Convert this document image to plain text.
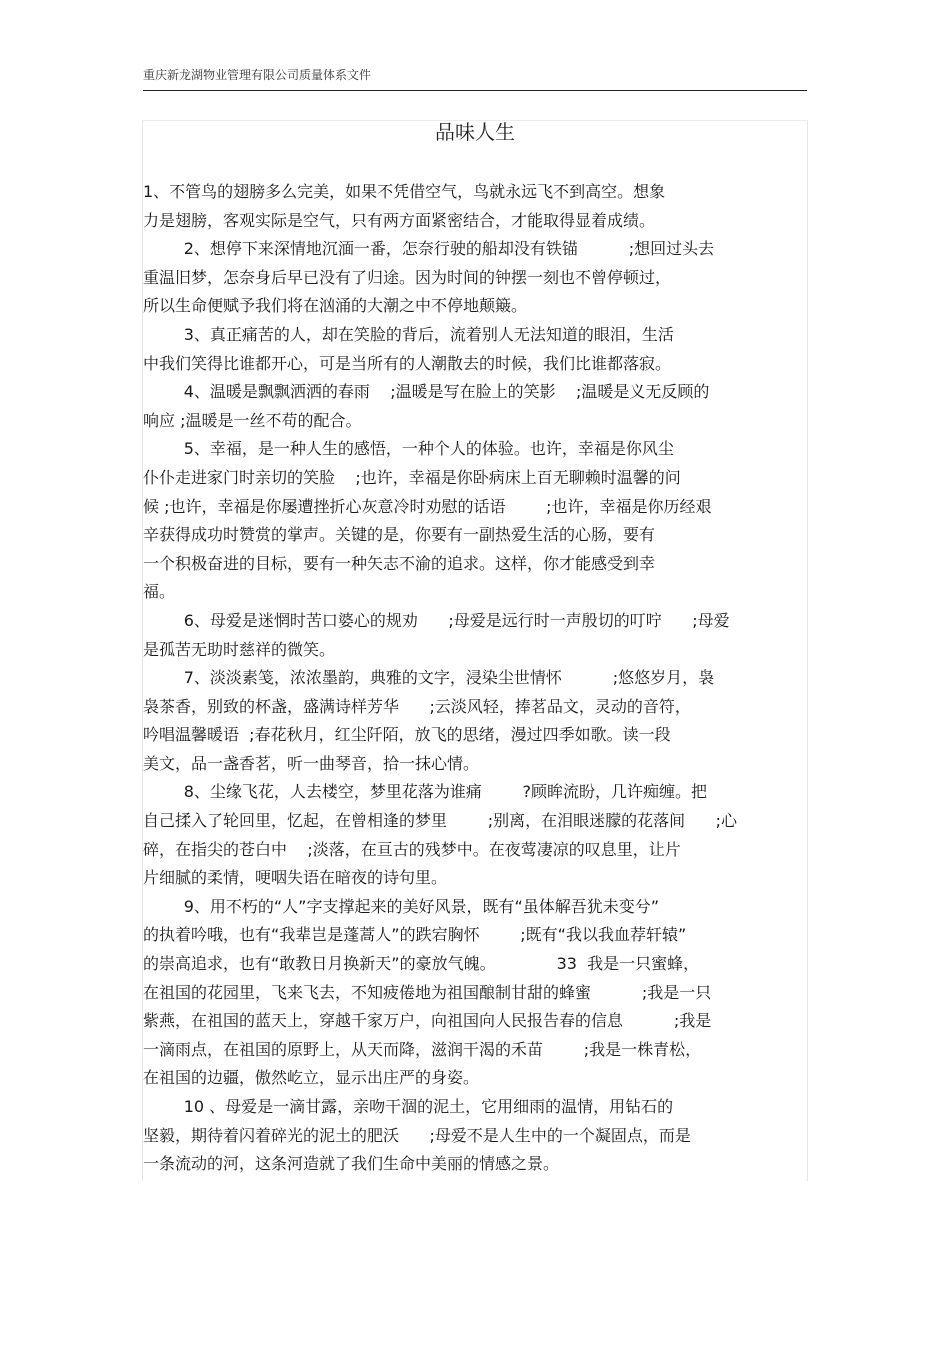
重庆新龙湖物业管理有限公司质量体系文件
品味人生
1、不管鸟的翅膀多么完美，如果不凭借空气，鸟就永远飞不到高空。想象
力是翅膀，客观实际是空气，只有两方面紧密结合，才能取得显着成绩。
2、想停下来深情地沉湎一番，怎奈行驶的船却没有铁锚          ;想回过头去
重温旧梦，怎奈身后早已没有了归途。因为时间的钟摆一刻也不曾停顿过，
所以生命便赋予我们将在汹涌的大潮之中不停地颠簸。
3、真正痛苦的人，却在笑脸的背后，流着别人无法知道的眼泪，生活
中我们笑得比谁都开心，可是当所有的人潮散去的时候，我们比谁都落寂。
4、温暖是飘飘洒洒的春雨    ;温暖是写在脸上的笑影    ;温暖是义无反顾的
响应 ;温暖是一丝不苟的配合。
5、幸福，是一种人生的感悟，一种个人的体验。也许，幸福是你风尘
仆仆走进家门时亲切的笑脸    ;也许，幸福是你卧病床上百无聊赖时温馨的问
候 ;也许，幸福是你屡遭挫折心灰意冷时劝慰的话语        ;也许，幸福是你历经艰
辛获得成功时赞赏的掌声。关键的是，你要有一副热爱生活的心肠，要有
一个积极奋进的目标，要有一种矢志不渝的追求。这样，你才能感受到幸
福。
6、母爱是迷惘时苦口婆心的规劝      ;母爱是远行时一声殷切的叮咛      ;母爱
是孤苦无助时慈祥的微笑。
7、淡淡素笺，浓浓墨韵，典雅的文字，浸染尘世情怀          ;悠悠岁月，袅
袅茶香，别致的杯盏，盛满诗样芳华      ;云淡风轻，捧茗品文，灵动的音符，
吟唱温馨暖语  ;春花秋月，红尘阡陌，放飞的思绪，漫过四季如歌。读一段
美文，品一盏香茗，听一曲琴音，拾一抹心情。
8、尘缘飞花，人去楼空，梦里花落为谁痛        ?顾眸流盼，几许痴缠。把
自己揉入了轮回里，忆起，在曾相逢的梦里        ;别离，在泪眼迷朦的花落间      ;心
碎，在指尖的苍白中    ;淡落，在亘古的残梦中。在夜莺凄凉的叹息里，让片
片细腻的柔情，哽咽失语在暗夜的诗句里。
9、用不朽的“人”字支撑起来的美好风景，既有“虽体解吾犹未变兮”
的执着吟哦，也有“我辈岂是蓬蒿人”的跌宕胸怀        ;既有“我以我血荐轩辕”
的崇高追求，也有“敢教日月换新天”的豪放气魄。            33  我是一只蜜蜂，
在祖国的花园里，飞来飞去，不知疲倦地为祖国酿制甘甜的蜂蜜          ;我是一只
紫燕，在祖国的蓝天上，穿越千家万户，向祖国向人民报告春的信息          ;我是
一滴雨点，在祖国的原野上，从天而降，滋润干渴的禾苗        ;我是一株青松，
在祖国的边疆，傲然屹立，显示出庄严的身姿。
10 、母爱是一滴甘露，亲吻干涸的泥土，它用细雨的温情，用钻石的
坚毅，期待着闪着碎光的泥土的肥沃      ;母爱不是人生中的一个凝固点，而是
一条流动的河，这条河造就了我们生命中美丽的情感之景。
